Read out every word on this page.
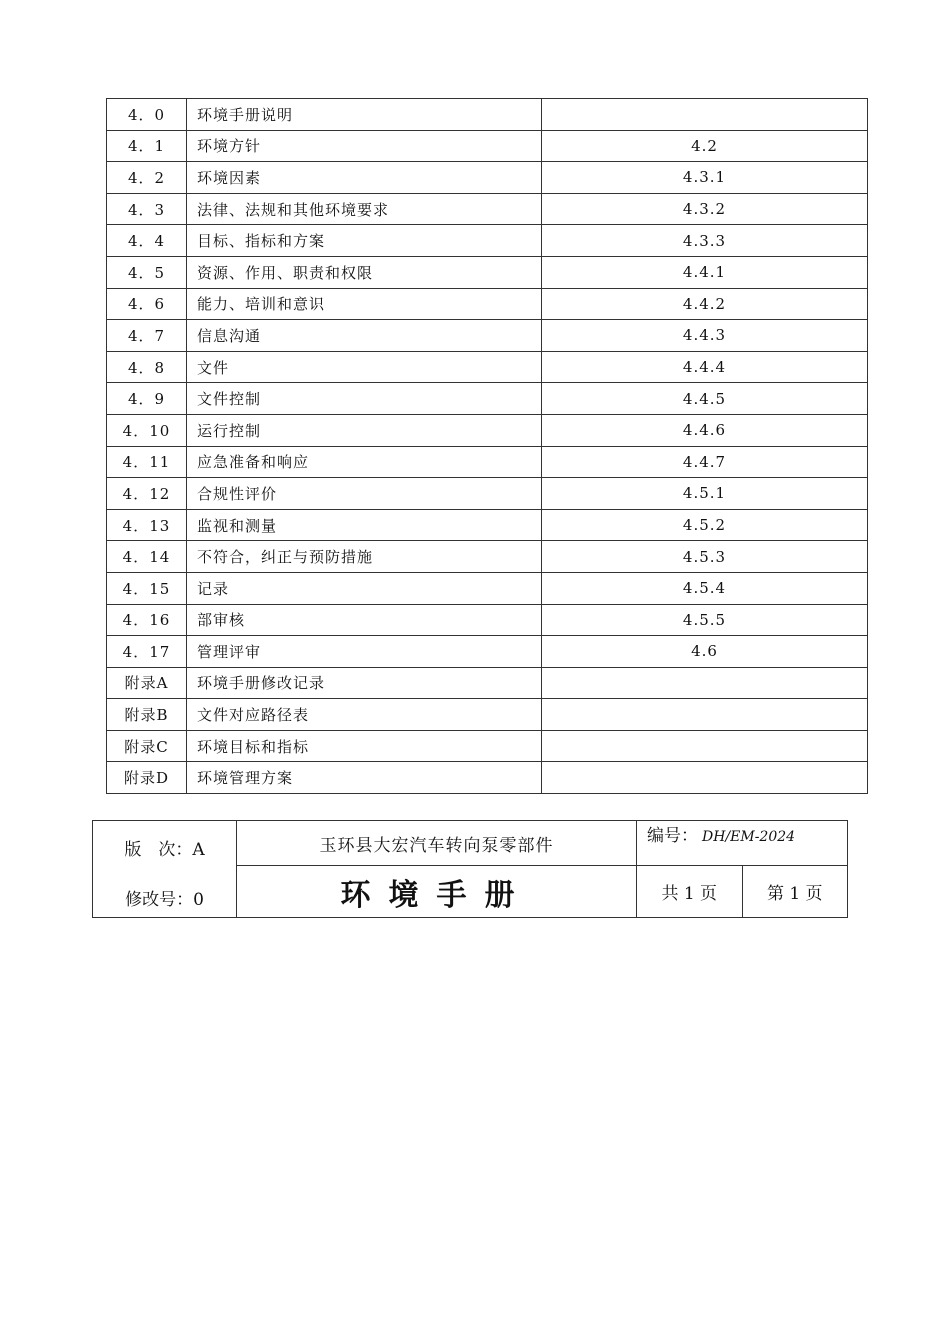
4．0	环境手册说明	
4．1	环境方针	4.2
4．2	环境因素	4.3.1
4．3	法律、法规和其他环境要求	4.3.2
4．4	目标、指标和方案	4.3.3
4．5	资源、作用、职责和权限	4.4.1
4．6	能力、培训和意识	4.4.2
4．7	信息沟通	4.4.3
4．8	文件	4.4.4
4．9	文件控制	4.4.5
4．10	运行控制	4.4.6
4．11	应急准备和响应	4.4.7
4．12	合规性评价	4.5.1
4．13	监视和测量	4.5.2
4．14	不符合，纠正与预防措施	4.5.3
4．15	记录	4.5.4
4．16	部审核	4.5.5
4．17	管理评审	4.6
附录A	环境手册修改记录	
附录B	文件对应路径表	
附录C	环境目标和指标	
附录D	环境管理方案	
版　次：A
修改号：0	玉环县大宏汽车转向泵零部件	编号： DH/EM-2024	
	环境手册	共 1 页	第 1 页
